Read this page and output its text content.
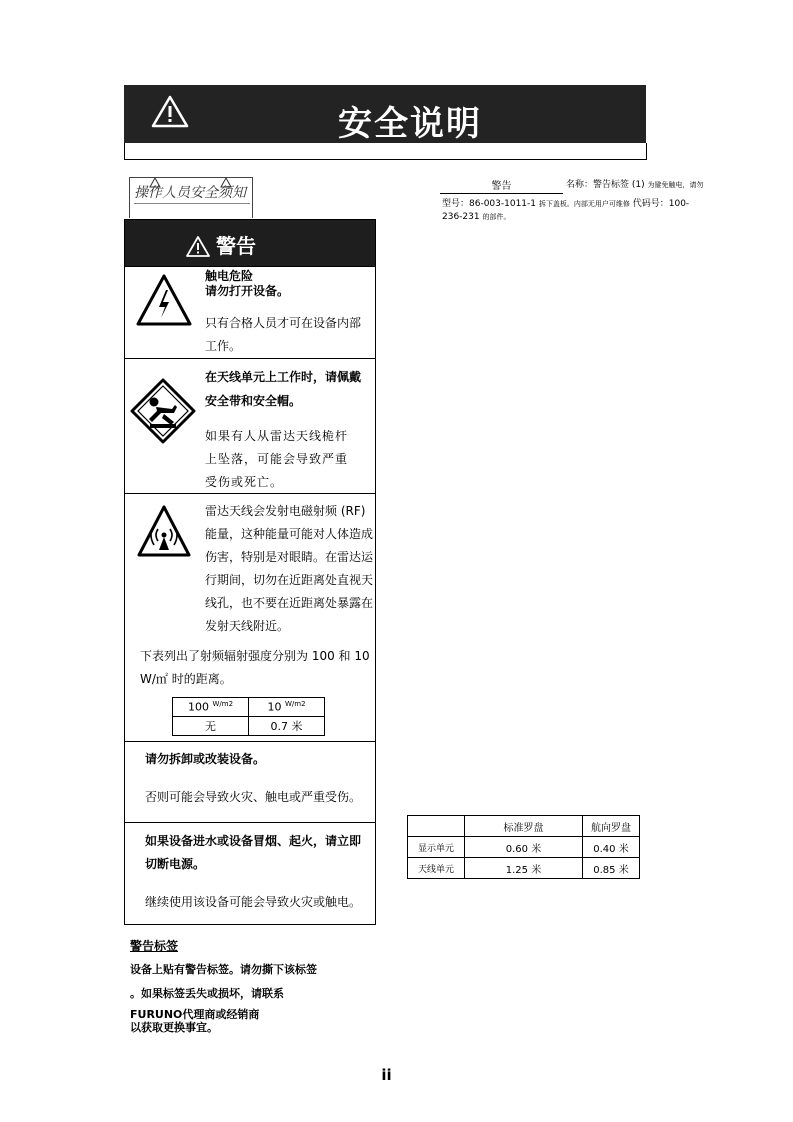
安全说明
操作人员安全须知
警告
触电危险
请勿打开设备。
只有合格人员才可在设备内部工作。
在天线单元上工作时，请佩戴安全带和安全帽。
如果有人从雷达天线桅杆上坠落，可能会导致严重受伤或死亡。
雷达天线会发射电磁射频 (RF) 能量，这种能量可能对人体造成伤害，特别是对眼睛。在雷达运行期间，切勿在近距离处直视天线孔，也不要在近距离处暴露在发射天线附近。
下表列出了射频辐射强度分别为 100 和 10 W/㎡ 时的距离。
100 $^{W/m2}$	10 $^{W/m2}$
无	0.7 米
请勿拆卸或改装设备。
否则可能会导致火灾、触电或严重受伤。
如果设备进水或设备冒烟、起火，请立即切断电源。
继续使用该设备可能会导致火灾或触电。
警告标签
设备上贴有警告标签。请勿撕下该标签
。如果标签丢失或损坏，请联系
FURUNO代理商或经销商
以获取更换事宜。
警告	名称：警告标签 (1) 为避免触电，请勿
型号：86-003-1011-1 拆下盖板。内部无用户可维修 代码号：100-
236-231 的部件。
	标准罗盘	航向罗盘
显示单元	0.60 米	0.40 米
天线单元	1.25 米	0.85 米
ii
